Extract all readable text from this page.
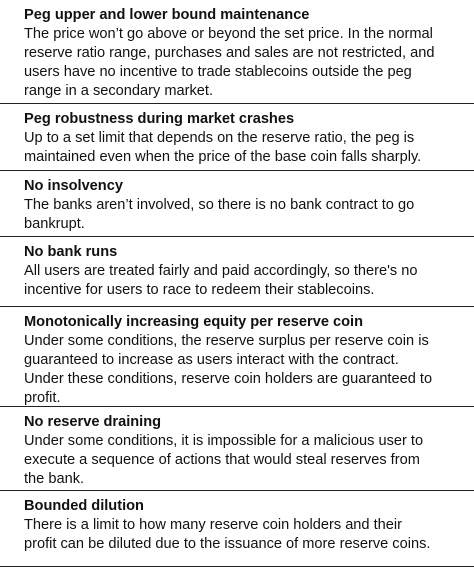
Peg upper and lower bound maintenance

The price won’t go above or beyond the set price. In the normal
reserve ratio range, purchases and sales are not restricted, and
users have no incentive to trade stablecoins outside the peg
range in a secondary market.

Peg robustness during market crashes

Up to a set limit that depends on the reserve ratio, the peg is
maintained even when the price of the base coin falls sharply.

No insolvency

The banks aren’t involved, so there is no bank contract to go
bankrupt.

No bank runs

All users are treated fairly and paid accordingly, so there's no
incentive for users to race to redeem their stablecoins.

Monotonically increasing equity per reserve coin

Under some conditions, the reserve surplus per reserve coin is
guaranteed to increase as users interact with the contract.
Under these conditions, reserve coin holders are guaranteed to
profit.

No reserve draining

Under some conditions, it is impossible for a malicious user to
execute a sequence of actions that would steal reserves from
the bank.

Bounded dilution

There is a limit to how many reserve coin holders and their
profit can be diluted due to the issuance of more reserve coins.
